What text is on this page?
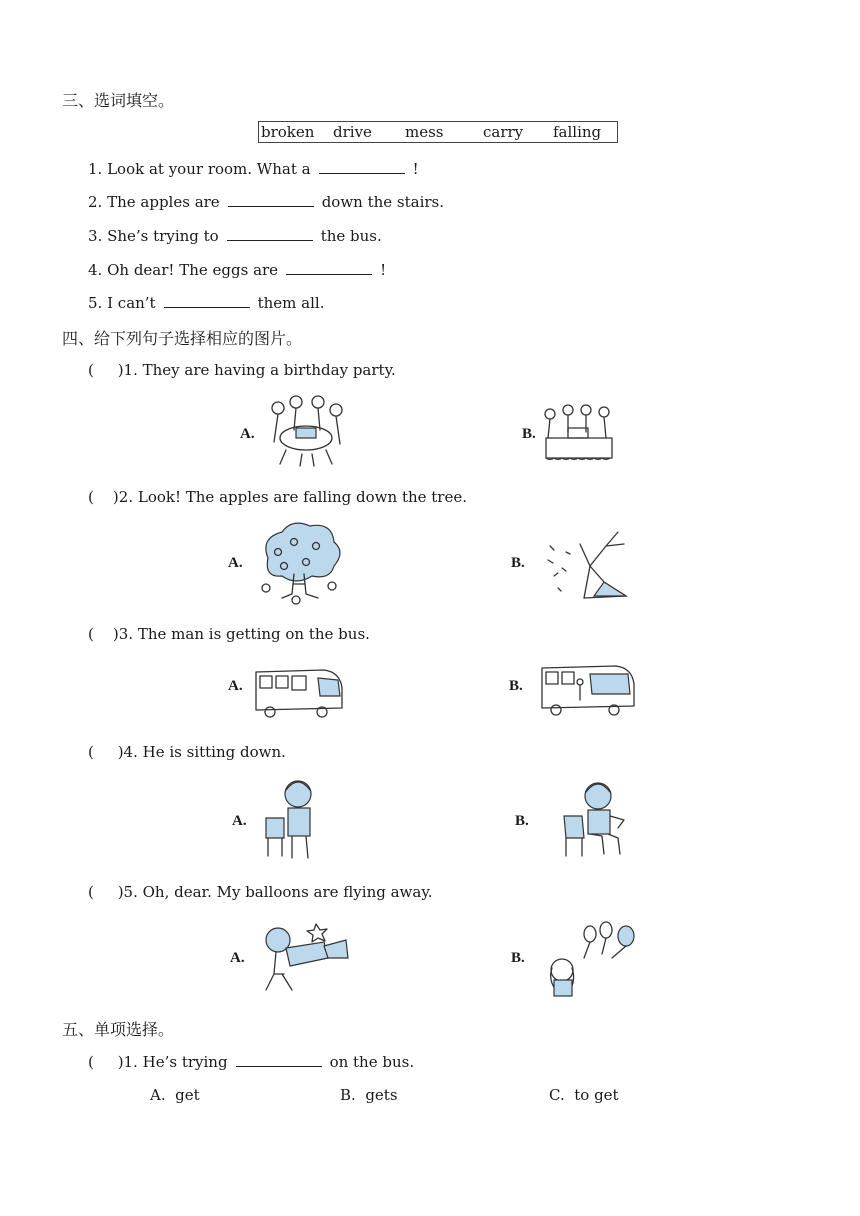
三、选词填空。
broken	drive	mess	carry	falling
1. Look at your room. What a	!
2. The apples are	down the stairs.
3. She’s trying to	the bus.
4. Oh dear! The eggs are	!
5. I can’t	them all.
四、给下列句子选择相应的图片。
(     )1. They are having a birthday party.
A.	B.
(    )2. Look! The apples are falling down the tree.
A.	B.
(    )3. The man is getting on the bus.
A.	B.
(     )4. He is sitting down.
A.	B.
(     )5. Oh, dear. My balloons are flying away.
A.	B.
五、单项选择。
(     )1. He’s trying	on the bus.
A.  get	B.  gets	C.  to get
